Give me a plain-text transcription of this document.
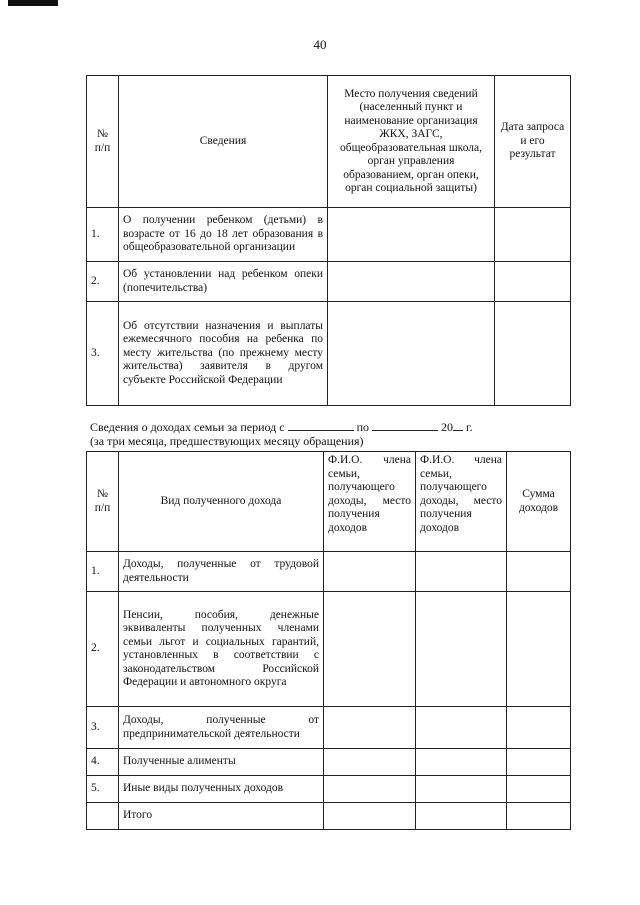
40
№ п/п	Сведения	Место получения сведений (населенный пункт и наименование организация ЖКХ, ЗАГС, общеобразовательная школа, орган управления образованием, орган опеки, орган социальной защиты)	Дата запроса и его результат
1.	О получении ребенком (детьми) в возрасте от 16 до 18 лет образования в общеобразовательной организации		
2.	Об установлении над ребенком опеки (попечительства)		
3.	Об отсутствии назначения и выплаты ежемесячного пособия на ребенка по месту жительства (по прежнему месту жительства) заявителя в другом субъекте Российской Федерации		
Сведения о доходах семьи за период с	по	20 г.
(за три месяца, предшествующих месяцу обращения)
№ п/п	Вид полученного дохода	Ф.И.О. члена семьи, получающего доходы, место получения доходов	Ф.И.О. члена семьи, получающего доходы, место получения доходов	Сумма доходов
1.	Доходы, полученные от трудовой деятельности			
2.	Пенсии, пособия, денежные эквиваленты полученных членами семьи льгот и социальных гарантий, установленных в соответствии с законодательством Российской Федерации и автономного округа			
3.	Доходы, полученные от предпринимательской деятельности			
4.	Полученные алименты			
5.	Иные виды полученных доходов			
	Итого			
